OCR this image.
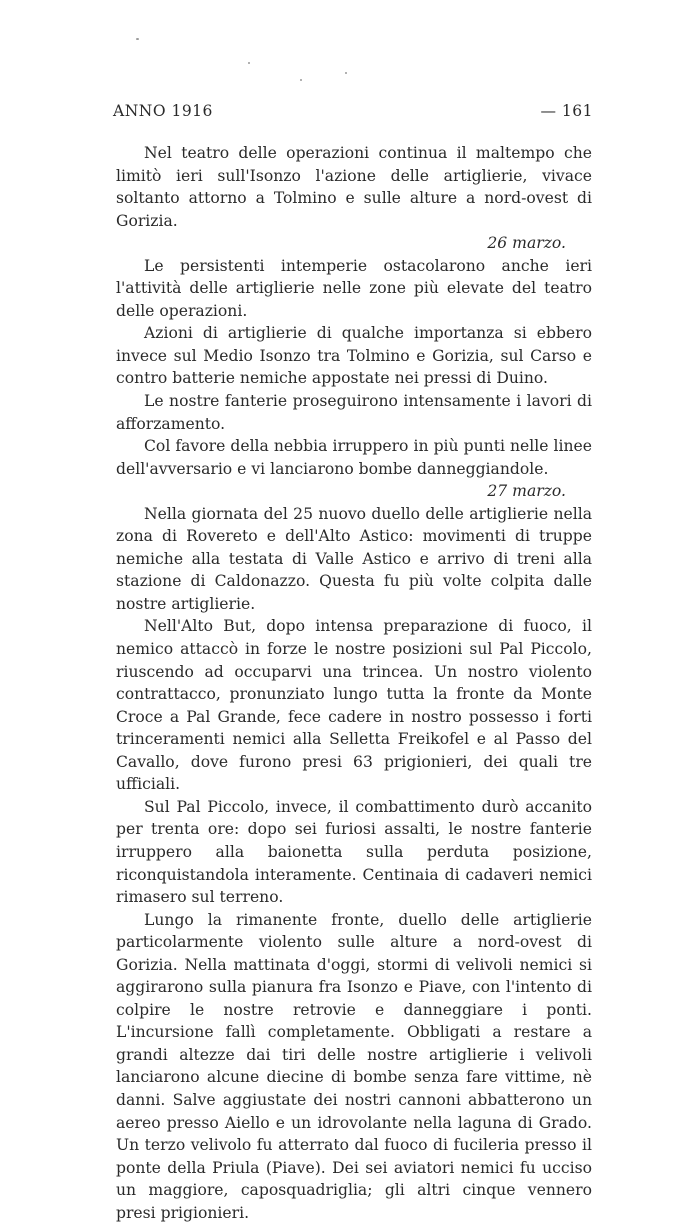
ANNO 1916	— 161

Nel teatro delle operazioni continua il maltempo che limitò ieri sull'Isonzo l'azione delle artiglierie, vivace soltanto attorno a Tolmino e sulle alture a nord-ovest di Gorizia.

26 marzo.

Le persistenti intemperie ostacolarono anche ieri l'attività delle artiglierie nelle zone più elevate del teatro delle operazioni.

Azioni di artiglierie di qualche importanza si ebbero invece sul Medio Isonzo tra Tolmino e Gorizia, sul Carso e contro batterie nemiche appostate nei pressi di Duino.

Le nostre fanterie proseguirono intensamente i lavori di afforzamento.

Col favore della nebbia irruppero in più punti nelle linee dell'avversario e vi lanciarono bombe danneggiandole.

27 marzo.

Nella giornata del 25 nuovo duello delle artiglierie nella zona di Rovereto e dell'Alto Astico: movimenti di truppe nemiche alla testata di Valle Astico e arrivo di treni alla stazione di Caldonazzo. Questa fu più volte colpita dalle nostre artiglierie.

Nell'Alto But, dopo intensa preparazione di fuoco, il nemico attaccò in forze le nostre posizioni sul Pal Piccolo, riuscendo ad occuparvi una trincea. Un nostro violento contrattacco, pronunziato lungo tutta la fronte da Monte Croce a Pal Grande, fece cadere in nostro possesso i forti trinceramenti nemici alla Selletta Freikofel e al Passo del Cavallo, dove furono presi 63 prigionieri, dei quali tre ufficiali.

Sul Pal Piccolo, invece, il combattimento durò accanito per trenta ore: dopo sei furiosi assalti, le nostre fanterie irruppero alla baionetta sulla perduta posizione, riconquistandola interamente. Centinaia di cadaveri nemici rimasero sul terreno.

Lungo la rimanente fronte, duello delle artiglierie particolarmente violento sulle alture a nord-ovest di Gorizia. Nella mattinata d'oggi, stormi di velivoli nemici si aggirarono sulla pianura fra Isonzo e Piave, con l'intento di colpire le nostre retrovie e danneggiare i ponti. L'incursione fallì completamente. Obbligati a restare a grandi altezze dai tiri delle nostre artiglierie i velivoli lanciarono alcune diecine di bombe senza fare vittime, nè danni. Salve aggiustate dei nostri cannoni abbatterono un aereo presso Aiello e un idrovolante nella laguna di Grado. Un terzo velivolo fu atterrato dal fuoco di fucileria presso il ponte della Priula (Piave). Dei sei aviatori nemici fu ucciso un maggiore, caposquadriglia; gli altri cinque vennero presi prigionieri.
